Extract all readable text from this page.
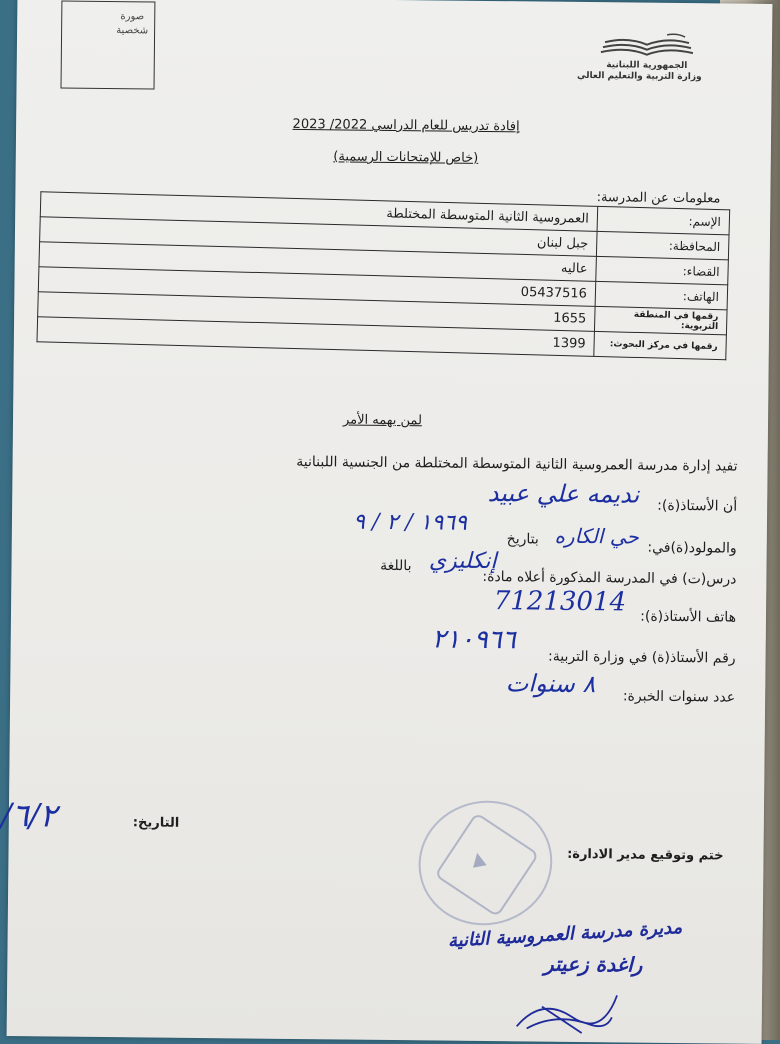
صورة
شخصية
الجمهورية اللبنانية
وزارة التربية والتعليم العالي
إفادة تدريس للعام الدراسي 2022/ 2023
(خاص للإمتحانات الرسمية)
معلومات عن المدرسة:
الإسم:	العمروسية الثانية المتوسطة المختلطة
المحافظة:	جبل لبنان
القضاء:	عاليه
الهاتف:	05437516
رقمها في المنطقة التربوية:	1655
رقمها في مركز البحوث:	1399
لمن يهمه الأمر
تفيد إدارة مدرسة العمروسية الثانية المتوسطة المختلطة من الجنسية اللبنانية
أن الأستاذ(ة):
نديمه علي عبيد
والمولود(ة)في:
حي الكاره
بتاريخ
١٩٦٩ / ٢ / ٩
درس(ت) في المدرسة المذكورة أعلاه مادة:
إنكليزي
باللغة
هاتف الأستاذ(ة):
71213014
رقم الأستاذ(ة) في وزارة التربية:
٢١٠٩٦٦
عدد سنوات الخبرة:
٨ سنوات
التاريخ:
٦/٢/
ختم وتوقيع مدير الادارة:
▲
مديرة مدرسة العمروسية الثانية
راغدة زعيتر
